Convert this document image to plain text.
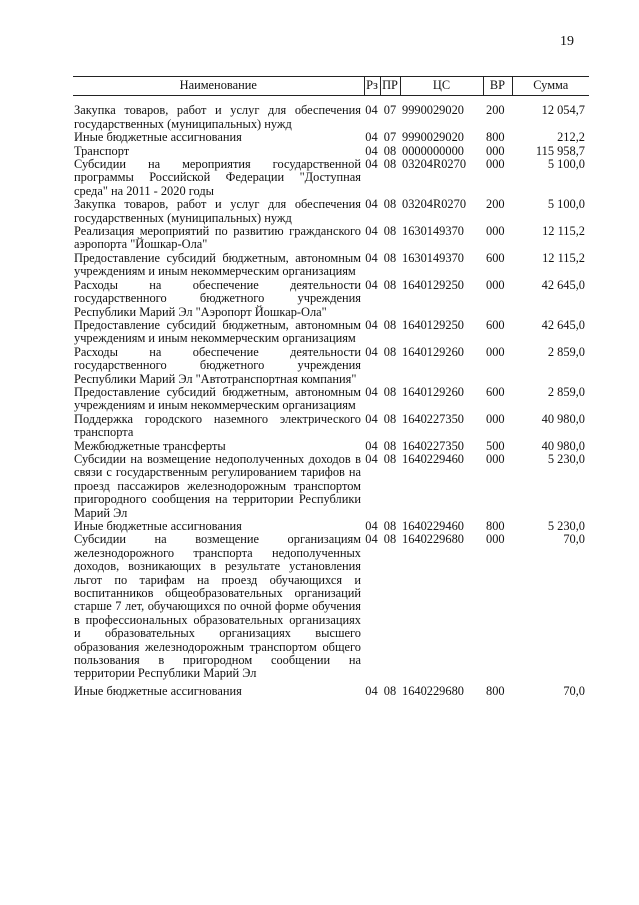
19
Наименование	Рз	ПР	ЦС	ВР	Сумма
Закупка товаров, работ и услуг для обеспечения государственных (муниципальных) нужд	04	07	9990029020	200	12 054,7
Иные бюджетные ассигнования	04	07	9990029020	800	212,2
Транспорт	04	08	0000000000	000	115 958,7
Субсидии на мероприятия государственной программы Российской Федерации "Доступная среда" на 2011 - 2020 годы	04	08	03204R0270	000	5 100,0
Закупка товаров, работ и услуг для обеспечения государственных (муниципальных) нужд	04	08	03204R0270	200	5 100,0
Реализация мероприятий по развитию гражданского аэропорта "Йошкар-Ола"	04	08	1630149370	000	12 115,2
Предоставление субсидий бюджетным, автономным учреждениям и иным некоммерческим организациям	04	08	1630149370	600	12 115,2
Расходы на обеспечение деятельности государственного бюджетного учреждения Республики Марий Эл "Аэропорт Йошкар-Ола"	04	08	1640129250	000	42 645,0
Предоставление субсидий бюджетным, автономным учреждениям и иным некоммерческим организациям	04	08	1640129250	600	42 645,0
Расходы на обеспечение деятельности государственного бюджетного учреждения Республики Марий Эл "Автотранспортная компания"	04	08	1640129260	000	2 859,0
Предоставление субсидий бюджетным, автономным учреждениям и иным некоммерческим организациям	04	08	1640129260	600	2 859,0
Поддержка городского наземного электрического транспорта	04	08	1640227350	000	40 980,0
Межбюджетные трансферты	04	08	1640227350	500	40 980,0
Субсидии на возмещение недополученных доходов в связи с государственным регулированием тарифов на проезд пассажиров железнодорожным транспортом пригородного сообщения на территории Республики Марий Эл	04	08	1640229460	000	5 230,0
Иные бюджетные ассигнования	04	08	1640229460	800	5 230,0
Субсидии на возмещение организациям железнодорожного транспорта недополученных доходов, возникающих в результате установления льгот по тарифам на проезд обучающихся и воспитанников общеобразовательных организаций старше 7 лет, обучающихся по очной форме обучения в профессиональных образовательных организациях и образовательных организациях высшего образования железнодорожным транспортом общего пользования в пригородном сообщении на территории Республики Марий Эл	04	08	1640229680	000	70,0
Иные бюджетные ассигнования	04	08	1640229680	800	70,0
